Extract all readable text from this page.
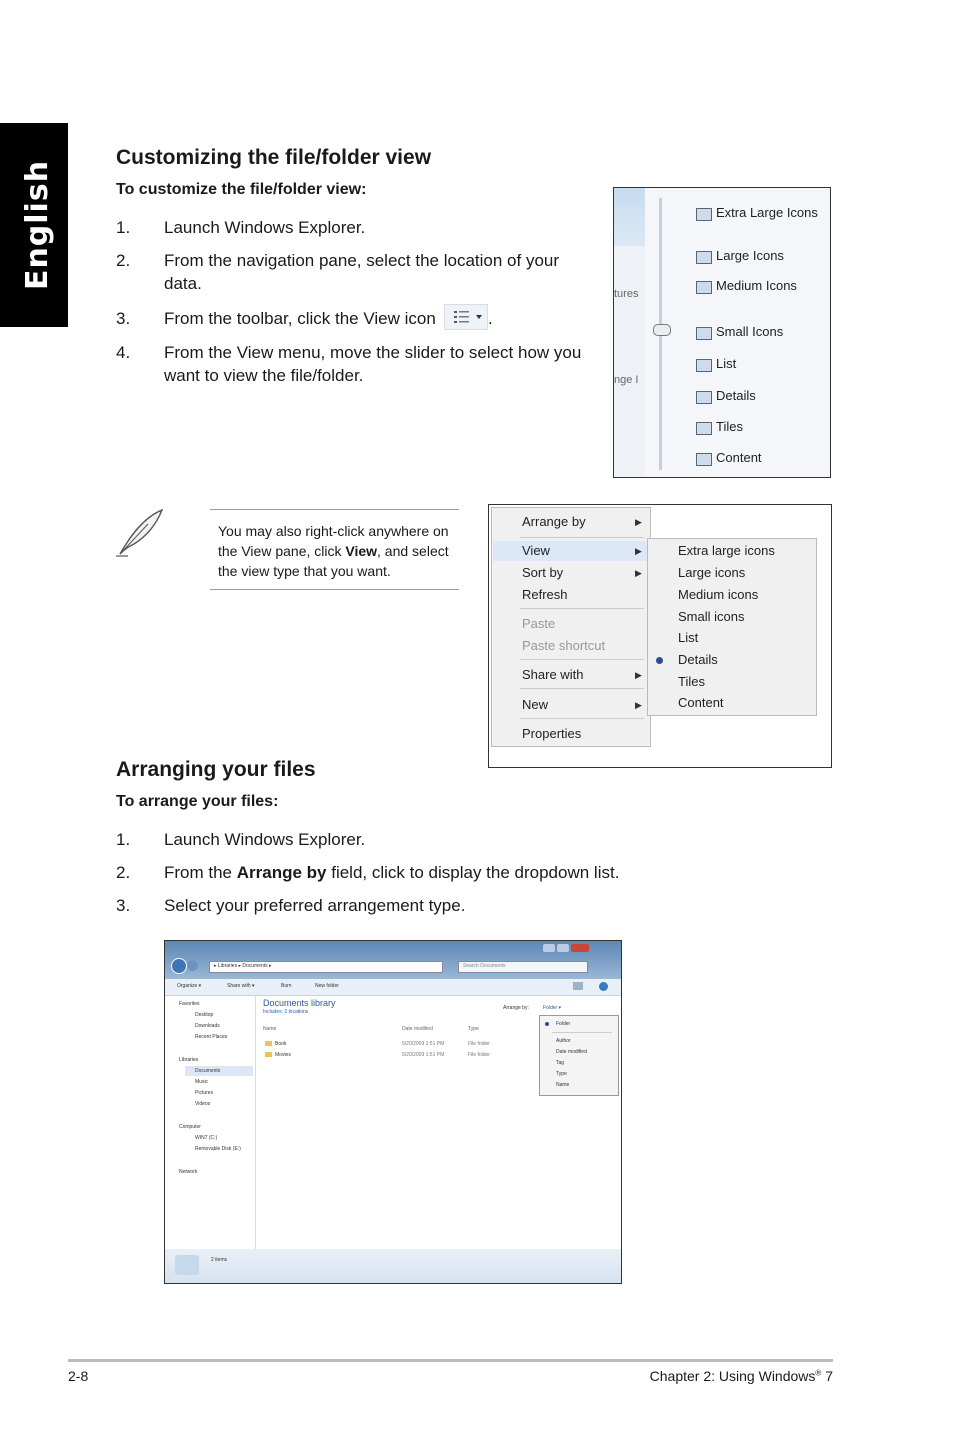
English
Customizing the file/folder view
To customize the file/folder view:
1. Launch Windows Explorer.
2. From the navigation pane, select the location of your
data.
3. From the toolbar, click the View icon	.
4. From the View menu, move the slider to select how you
want to view the file/folder.
tures
nge I
Extra Large Icons
Large Icons
Medium Icons
Small Icons
List
Details
Tiles
Content
You may also right-click anywhere on the View pane, click View, and select the view type that you want.
Arrange by	▶
View	▶
Sort by	▶
Refresh
Paste
Paste shortcut
Share with	▶
New	▶
Properties
Extra large icons
Large icons
Medium icons
Small icons
List
Details
Tiles
Content
Arranging your files
To arrange your files:
1. Launch Windows Explorer.
2. From the Arrange by field, click to display the dropdown list.
3. Select your preferred arrangement type.
▸ Libraries ▸ Documents ▸	Search Documents
Organize ▾	Share with ▾	Burn	New folder
Favorites
Desktop
Downloads
Recent Places
Libraries
Documents
Music
Pictures
Videos
Computer
WIN7 (C:)
Removable Disk (E:)
Network
Documents library
Includes: 2 locations
Arrange by:	Folder ▾
Name	Date modified	Type
Book	5/20/2009 1:51 PM	File folder
Movies	5/20/2009 1:51 PM	File folder
Folder
Author
Date modified
Tag
Type
Name
2 items
2-8	Chapter 2: Using Windows® 7
